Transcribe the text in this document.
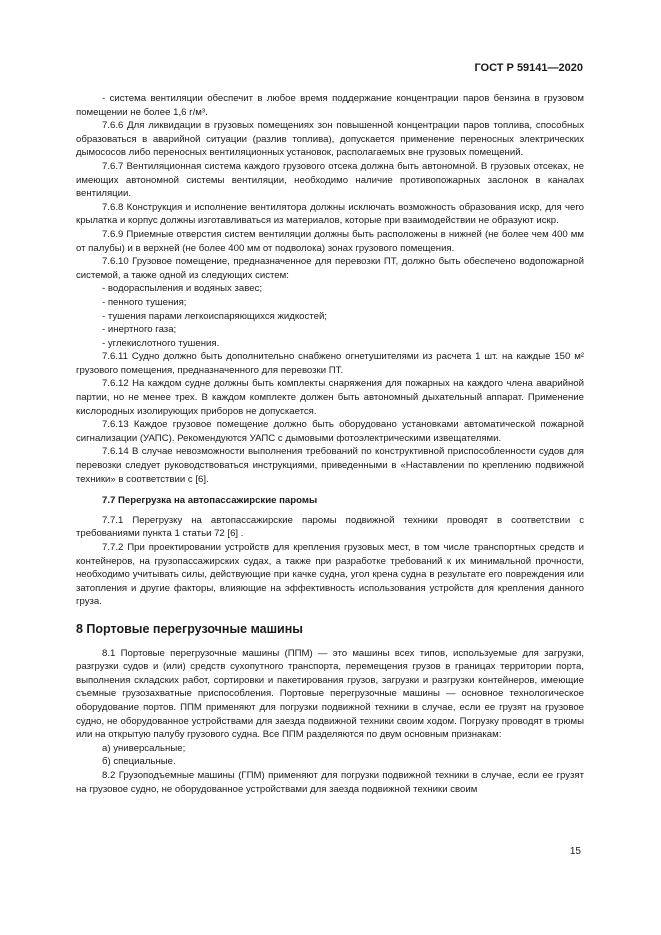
ГОСТ Р 59141—2020

- система вентиляции обеспечит в любое время поддержание концентрации паров бензина в грузовом помещении не более 1,6 г/м³.

7.6.6 Для ликвидации в грузовых помещениях зон повышенной концентрации паров топлива, способных образоваться в аварийной ситуации (разлив топлива), допускается применение переносных электрических дымососов либо переносных вентиляционных установок, располагаемых вне грузовых помещений.

7.6.7 Вентиляционная система каждого грузового отсека должна быть автономной. В грузовых отсеках, не имеющих автономной системы вентиляции, необходимо наличие противопожарных заслонок в каналах вентиляции.

7.6.8 Конструкция и исполнение вентилятора должны исключать возможность образования искр, для чего крылатка и корпус должны изготавливаться из материалов, которые при взаимодействии не образуют искр.

7.6.9 Приемные отверстия систем вентиляции должны быть расположены в нижней (не более чем 400 мм от палубы) и в верхней (не более 400 мм от подволока) зонах грузового помещения.

7.6.10 Грузовое помещение, предназначенное для перевозки ПТ, должно быть обеспечено водопожарной системой, а также одной из следующих систем:

- водораспыления и водяных завес;

- пенного тушения;

- тушения парами легкоиспаряющихся жидкостей;

- инертного газа;

- углекислотного тушения.

7.6.11 Судно должно быть дополнительно снабжено огнетушителями из расчета 1 шт. на каждые 150 м² грузового помещения, предназначенного для перевозки ПТ.

7.6.12 На каждом судне должны быть комплекты снаряжения для пожарных на каждого члена аварийной партии, но не менее трех. В каждом комплекте должен быть автономный дыхательный аппарат. Применение кислородных изолирующих приборов не допускается.

7.6.13 Каждое грузовое помещение должно быть оборудовано установками автоматической пожарной сигнализации (УАПС). Рекомендуются УАПС с дымовыми фотоэлектрическими извещателями.

7.6.14 В случае невозможности выполнения требований по конструктивной приспособленности судов для перевозки следует руководствоваться инструкциями, приведенными в «Наставлении по креплению подвижной техники» в соответствии с [6].

7.7 Перегрузка на автопассажирские паромы

7.7.1 Перегрузку на автопассажирские паромы подвижной техники проводят в соответствии с требованиями пункта 1 статьи 72 [6] .

7.7.2 При проектировании устройств для крепления грузовых мест, в том числе транспортных средств и контейнеров, на грузопассажирских судах, а также при разработке требований к их минимальной прочности, необходимо учитывать силы, действующие при качке судна, угол крена судна в результате его повреждения или затопления и другие факторы, влияющие на эффективность использования устройств для крепления данного груза.

8 Портовые перегрузочные машины

8.1 Портовые перегрузочные машины (ППМ) — это машины всех типов, используемые для загрузки, разгрузки судов и (или) средств сухопутного транспорта, перемещения грузов в границах территории порта, выполнения складских работ, сортировки и пакетирования грузов, загрузки и разгрузки контейнеров, имеющие съемные грузозахватные приспособления. Портовые перегрузочные машины — основное технологическое оборудование портов. ППМ применяют для погрузки подвижной техники в случае, если ее грузят на грузовое судно, не оборудованное устройствами для заезда подвижной техники своим ходом. Погрузку проводят в трюмы или на открытую палубу грузового судна. Все ППМ разделяются по двум основным признакам:

а) универсальные;

б) специальные.

8.2 Грузоподъемные машины (ГПМ) применяют для погрузки подвижной техники в случае, если ее грузят на грузовое судно, не оборудованное устройствами для заезда подвижной техники своим

15
